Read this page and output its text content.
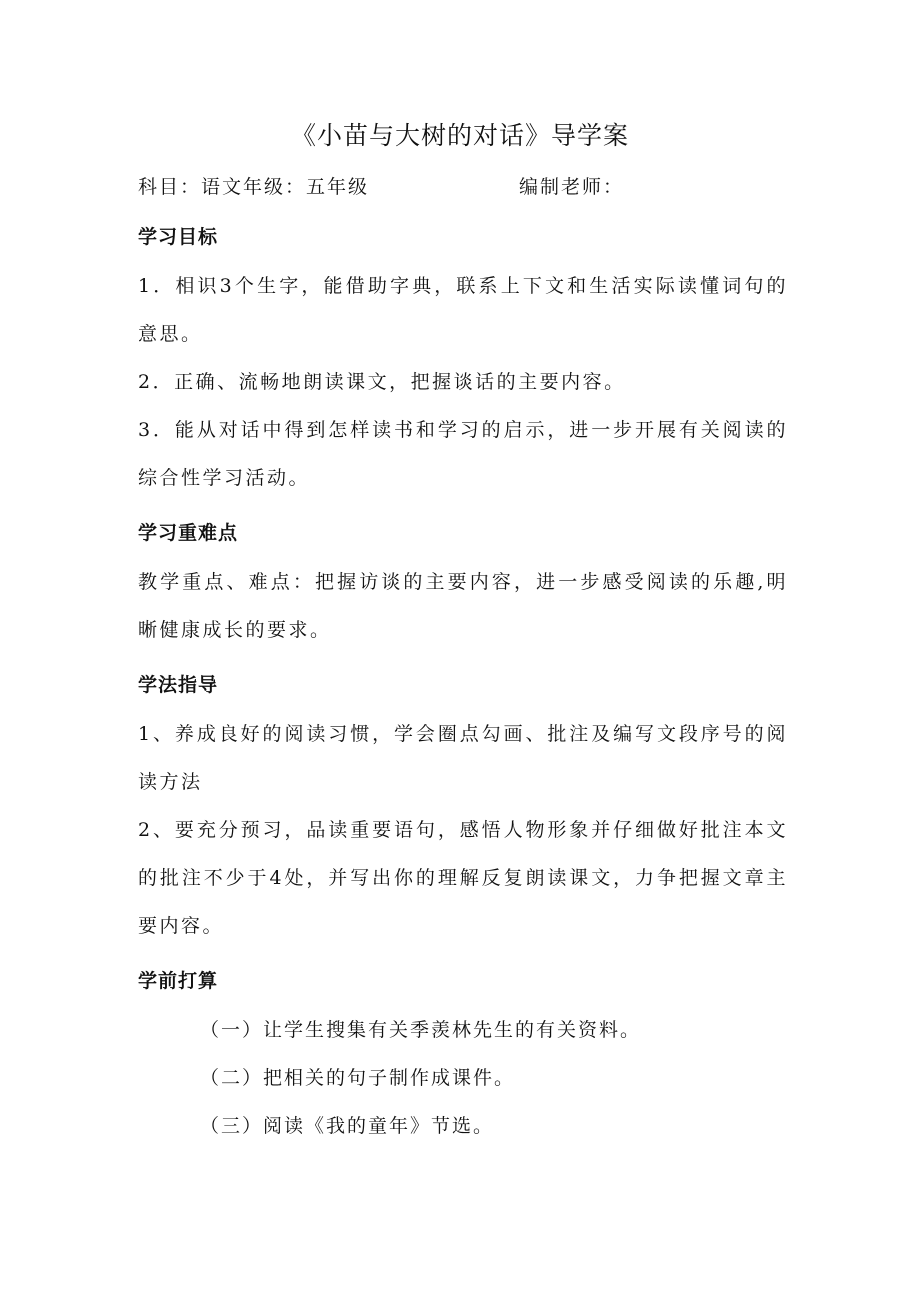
《小苗与大树的对话》导学案
科目：语文年级：五年级	编制老师：
学习目标

1．相识3个生字，能借助字典，联系上下文和生活实际读懂词句的意思。

2．正确、流畅地朗读课文，把握谈话的主要内容。

3．能从对话中得到怎样读书和学习的启示，进一步开展有关阅读的综合性学习活动。

学习重难点

教学重点、难点：把握访谈的主要内容，进一步感受阅读的乐趣,明晰健康成长的要求。

学法指导

1、养成良好的阅读习惯，学会圈点勾画、批注及编写文段序号的阅读方法

2、要充分预习，品读重要语句，感悟人物形象并仔细做好批注本文的批注不少于4处，并写出你的理解反复朗读课文，力争把握文章主要内容。

学前打算

（一）让学生搜集有关季羡林先生的有关资料。

（二）把相关的句子制作成课件。

（三）阅读《我的童年》节选。
